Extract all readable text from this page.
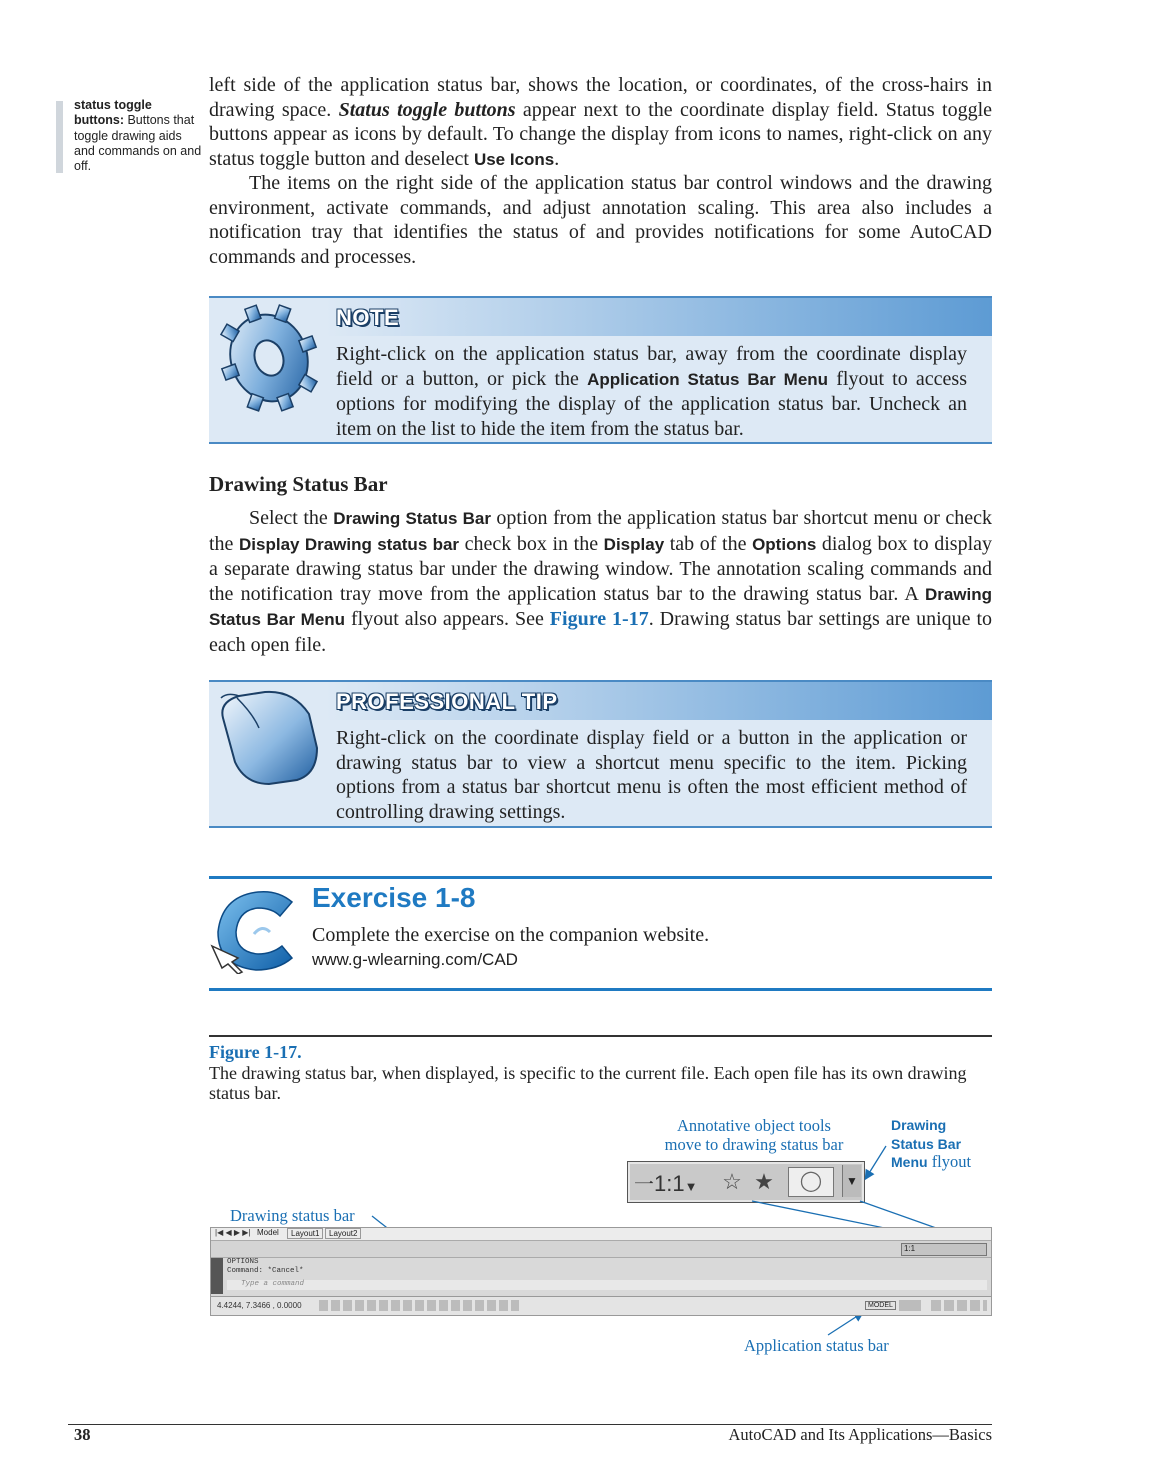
status toggle buttons: Buttons that toggle drawing aids and commands on and off.
left side of the application status bar, shows the location, or coordinates, of the cross-hairs in drawing space. Status toggle buttons appear next to the coordinate display field. Status toggle buttons appear as icons by default. To change the display from icons to names, right-click on any status toggle button and deselect Use Icons.
The items on the right side of the application status bar control windows and the drawing environment, activate commands, and adjust annotation scaling. This area also includes a notification tray that identifies the status of and provides notifications for some AutoCAD commands and processes.
NOTE
Right-click on the application status bar, away from the coordinate display field or a button, or pick the Application Status Bar Menu flyout to access options for modifying the display of the application status bar. Uncheck an item on the list to hide the item from the status bar.
Drawing Status Bar
Select the Drawing Status Bar option from the application status bar shortcut menu or check the Display Drawing status bar check box in the Display tab of the Options dialog box to display a separate drawing status bar under the drawing window. The annotation scaling commands and the notification tray move from the application status bar to the drawing status bar. A Drawing Status Bar Menu flyout also appears. See Figure 1-17. Drawing status bar settings are unique to each open file.
PROFESSIONAL TIP
Right-click on the coordinate display field or a button in the application or drawing status bar to view a shortcut menu specific to the item. Picking options from a status bar shortcut menu is often the most efficient method of controlling drawing settings.
Exercise 1-8
Complete the exercise on the companion website.
www.g-wlearning.com/CAD
Figure 1-17.
The drawing status bar, when displayed, is specific to the current file. Each open file has its own drawing status bar.
Annotative object tools
move to drawing status bar
Drawing
Status Bar
Menu flyout
⼀1:1▼ ☆ ★	◯	▼
Drawing status bar
|◀ ◀ ▶ ▶| Model	Layout1	Layout2
1:1
OPTIONS
Command: *Cancel*
Type a command
4.4244, 7.3466 , 0.0000	MODEL
Application status bar
38	AutoCAD and Its Applications—Basics
